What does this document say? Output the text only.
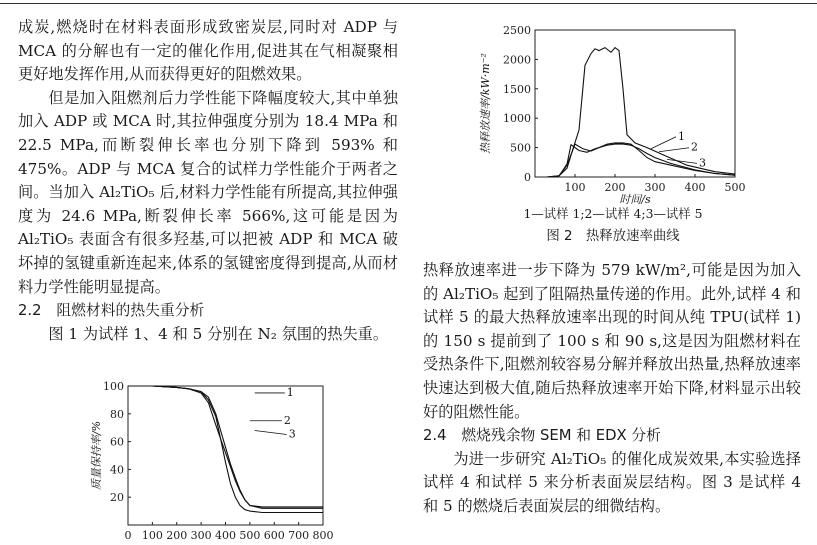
成炭,燃烧时在材料表面形成致密炭层,同时对 ADP 与 MCA 的分解也有一定的催化作用,促进其在气相凝聚相更好地发挥作用,从而获得更好的阻燃效果。

但是加入阻燃剂后力学性能下降幅度较大,其中单独加入 ADP 或 MCA 时,其拉伸强度分别为 18.4 MPa 和 22.5 MPa,而断裂伸长率也分别下降到 593% 和 475%。ADP 与 MCA 复合的试样力学性能介于两者之间。当加入 Al₂TiO₅ 后,材料力学性能有所提高,其拉伸强度为 24.6 MPa,断裂伸长率 566%,这可能是因为 Al₂TiO₅ 表面含有很多羟基,可以把被 ADP 和 MCA 破坏掉的氢键重新连起来,体系的氢键密度得到提高,从而材料力学性能明显提高。

2.2　阻燃材料的热失重分析

图 1 为试样 1、4 和 5 分别在 N₂ 氛围的热失重。

100 200 300 400 500
0
500
1000
1500
2000
2500
1
2
3
时间/s
热释放速率/kW·m⁻²
1—试样 1;2—试样 4;3—试样 5
图 2　热释放速率曲线

热释放速率进一步下降为 579 kW/m²,可能是因为加入的 Al₂TiO₅ 起到了阻隔热量传递的作用。此外,试样 4 和试样 5 的最大热释放速率出现的时间从纯 TPU(试样 1)的 150 s 提前到了 100 s 和 90 s,这是因为阻燃材料在受热条件下,阻燃剂较容易分解并释放出热量,热释放速率快速达到极大值,随后热释放速率开始下降,材料显示出较好的阻燃性能。

2.4　燃烧残余物 SEM 和 EDX 分析

为进一步研究 Al₂TiO₅ 的催化成炭效果,本实验选择试样 4 和试样 5 来分析表面炭层结构。图 3 是试样 4 和 5 的燃烧后表面炭层的细微结构。

0 100 200 300 400 500 600 700 800
20
40
60
80
100	1
2
3
质量保持率/%
